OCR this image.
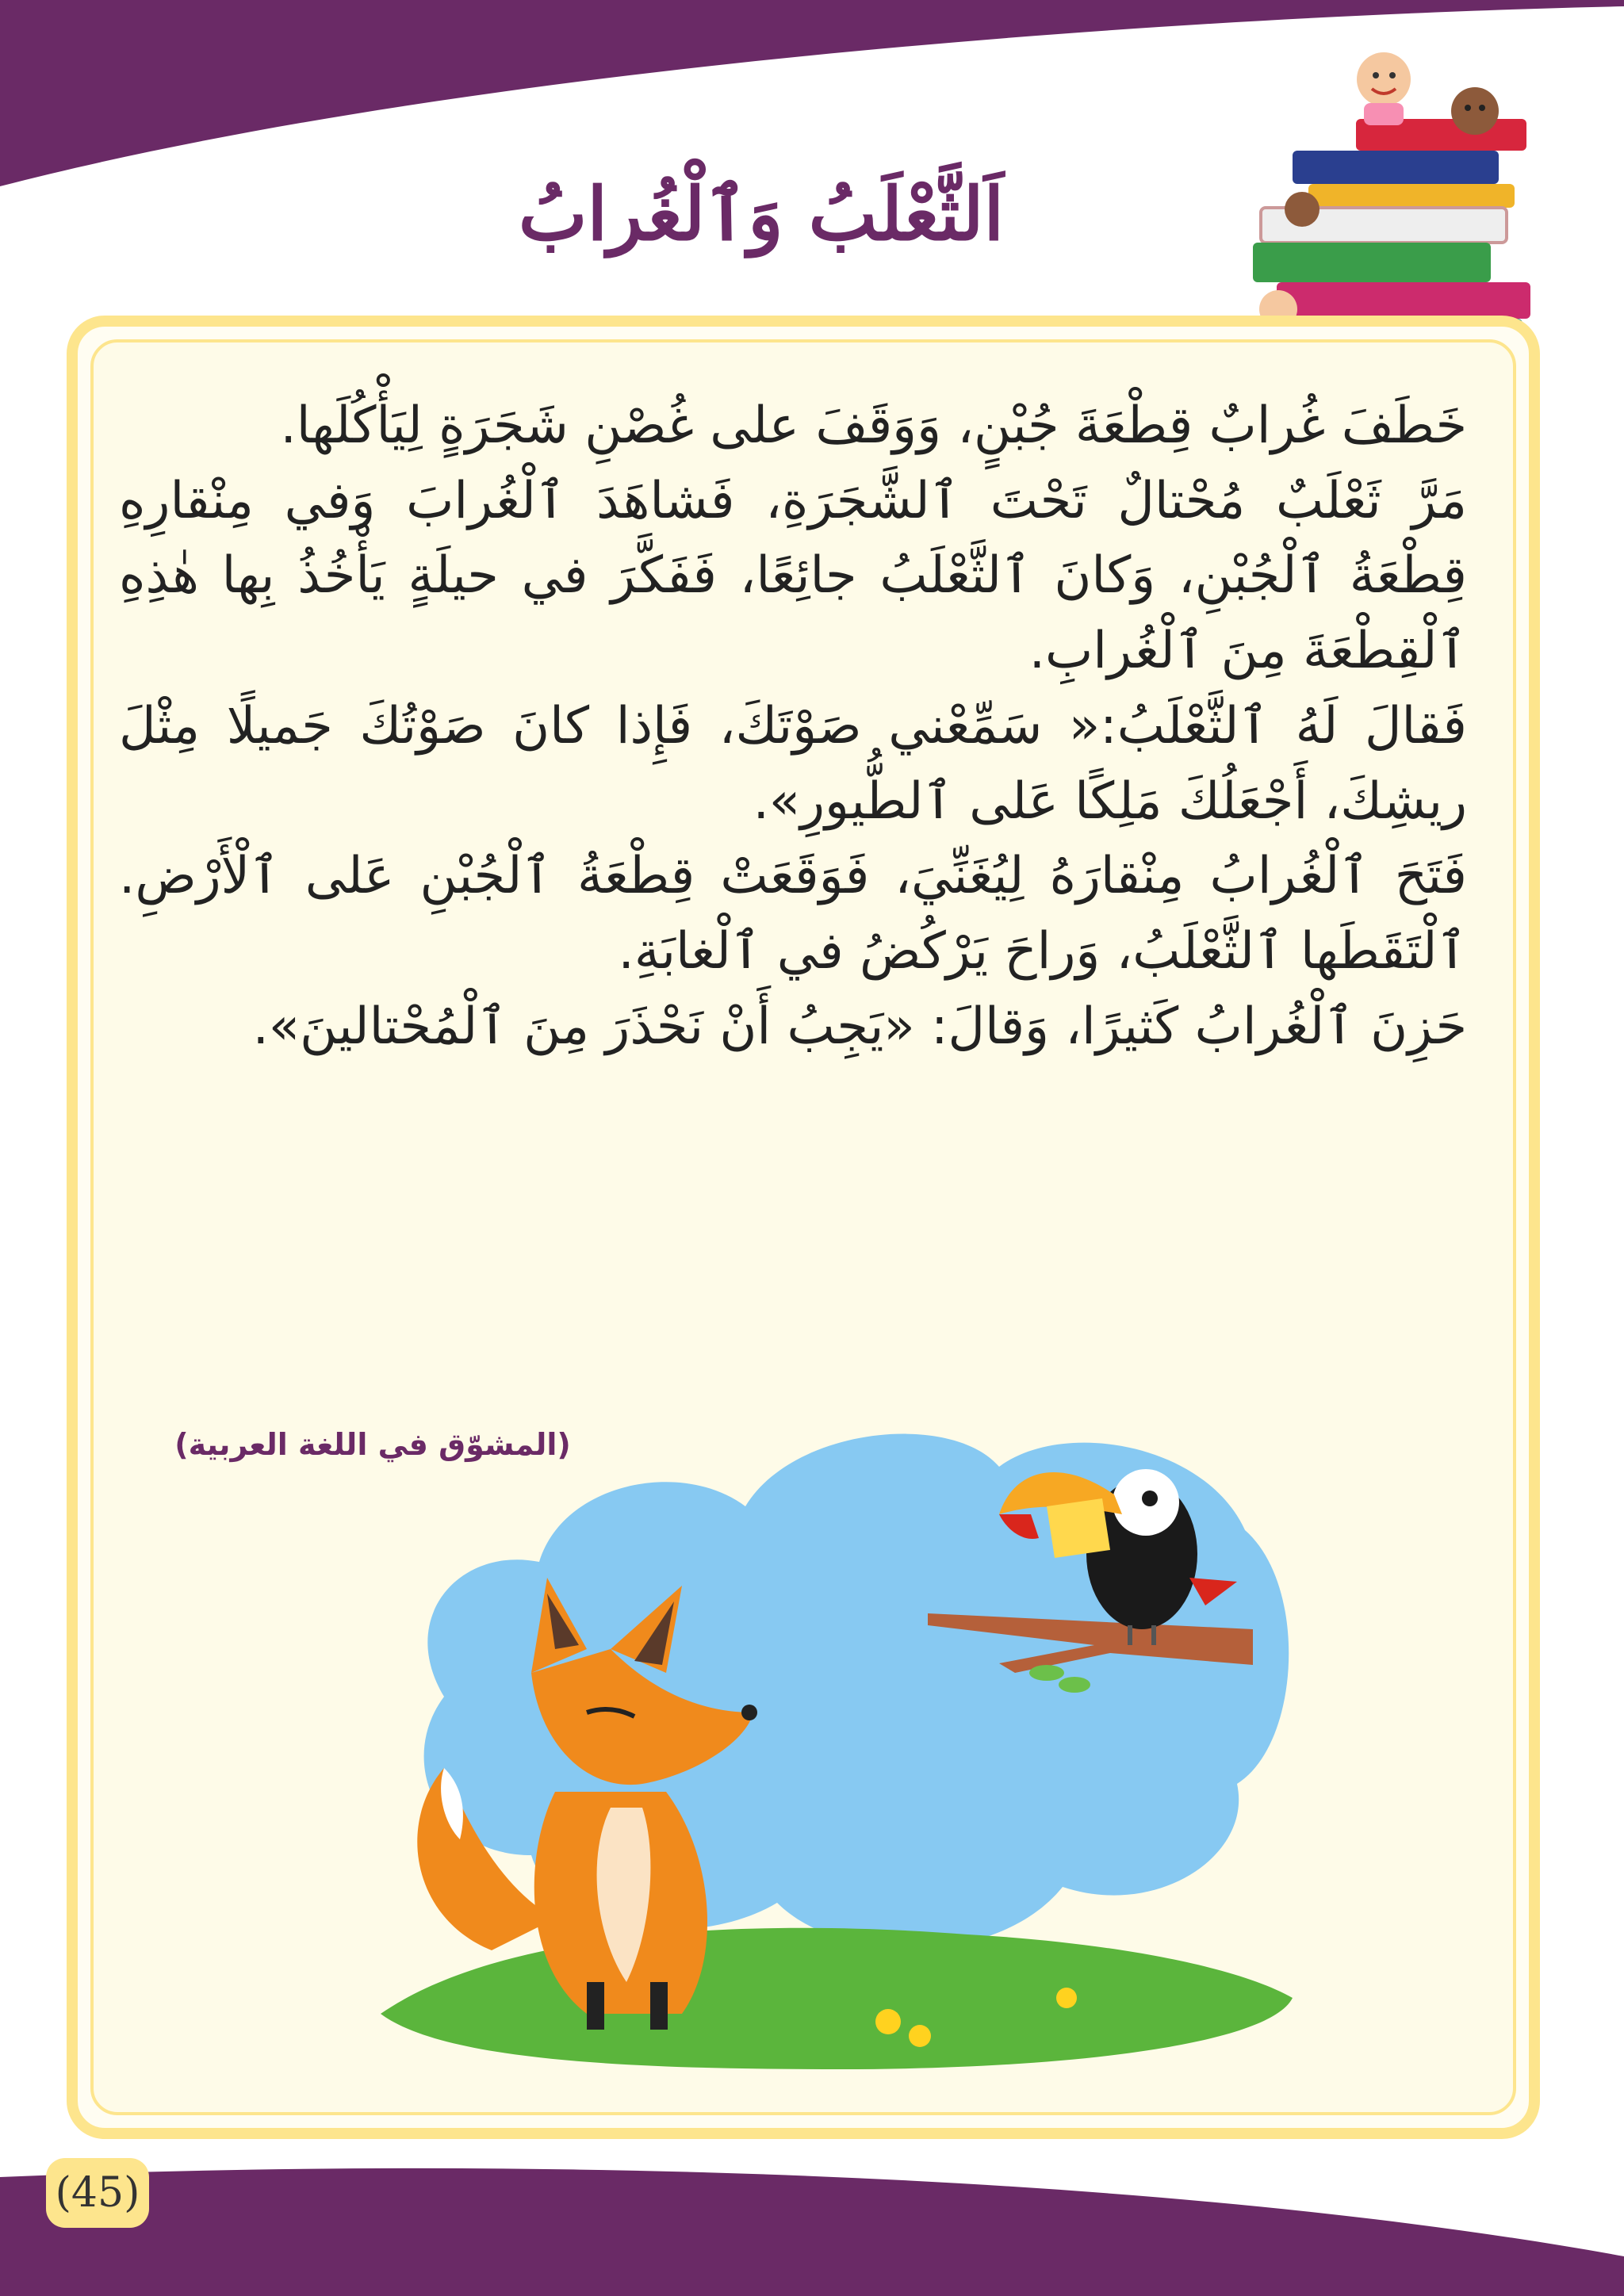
اَلثَّعْلَبُ وَٱلْغُرابُ

خَطَفَ غُرابٌ قِطْعَةَ جُبْنٍ، وَوَقَفَ على غُصْنِ شَجَرَةٍ لِيَأْكُلَها.

مَرَّ ثَعْلَبٌ مُحْتالٌ تَحْتَ ٱلشَّجَرَةِ، فَشاهَدَ ٱلْغُرابَ وَفي مِنْقارِهِ قِطْعَةُ ٱلْجُبْنِ، وَكانَ ٱلثَّعْلَبُ جائِعًا، فَفَكَّرَ في حيلَةٍ يَأْخُذُ بِها هٰذِهِ ٱلْقِطْعَةَ مِنَ ٱلْغُرابِ.

فَقالَ لَهُ ٱلثَّعْلَبُ:« سَمِّعْني صَوْتَكَ، فَإِذا كانَ صَوْتُكَ جَميلًا مِثْلَ ريشِكَ، أَجْعَلُكَ مَلِكًا عَلى ٱلطُّيورِ».

فَتَحَ ٱلْغُرابُ مِنْقارَهُ لِيُغَنِّيَ، فَوَقَعَتْ قِطْعَةُ ٱلْجُبْنِ عَلى ٱلْأَرْضِ. ٱلْتَقَطَها ٱلثَّعْلَبُ، وَراحَ يَرْكُضُ في ٱلْغابَةِ.

حَزِنَ ٱلْغُرابُ كَثيرًا، وَقالَ: «يَجِبُ أَنْ نَحْذَرَ مِنَ ٱلْمُحْتالينَ».

(المشوّق في اللغة العربية)
(45)
